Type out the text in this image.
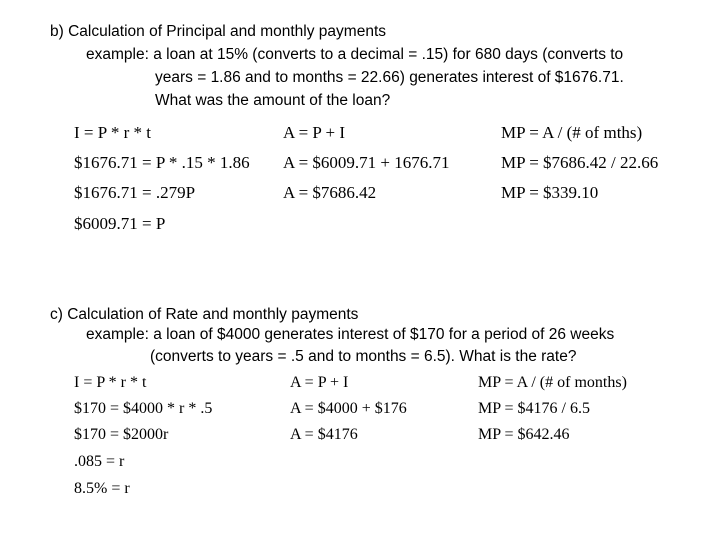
b) Calculation of Principal and monthly payments
example: a loan at 15% (converts to a decimal = .15) for 680 days (converts to
years = 1.86 and to months = 22.66) generates interest of $1676.71.
What was the amount of the loan?
I = P * r * t
$1676.71 = P * .15 * 1.86
$1676.71 = .279P
$6009.71 = P
A = P + I
A = $6009.71 + 1676.71
A = $7686.42
MP = A / (# of mths)
MP = $7686.42 / 22.66
MP = $339.10
c) Calculation of Rate and monthly payments
example: a loan of $4000 generates interest of $170 for a period of 26 weeks
(converts to years = .5 and to months = 6.5). What is the rate?
I = P * r * t
$170 = $4000 * r * .5
$170 = $2000r
.085 = r
8.5% = r
A = P + I
A = $4000 + $176
A = $4176
MP = A / (# of months)
MP = $4176 / 6.5
MP = $642.46
